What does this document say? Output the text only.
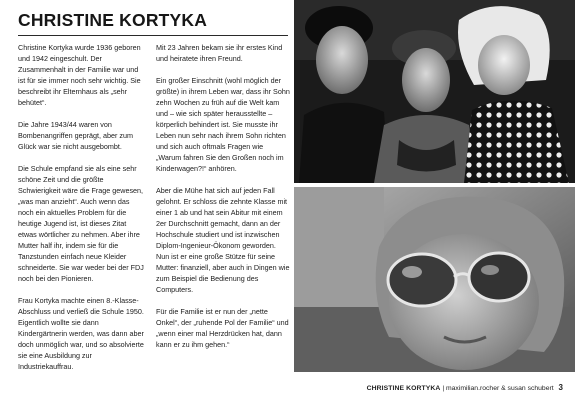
CHRISTINE KORTYKA

Christine Kortyka wurde 1936 geboren und 1942 eingeschult. Der Zusammenhalt in der Familie war und ist für sie immer noch sehr wichtig. Sie beschreibt ihr Elternhaus als „sehr behütet“.

Die Jahre 1943/44 waren von Bombenangriffen geprägt, aber zum Glück war sie nicht ausgebombt.

Die Schule empfand sie als eine sehr schöne Zeit und die größte Schwierigkeit wäre die Frage gewesen, „was man anzieht“. Auch wenn das noch ein aktuelles Problem für die heutige Jugend ist, ist dieses Zitat etwas wörtlicher zu nehmen. Aber ihre Mutter half ihr, indem sie für die Tanzstunden einfach neue Kleider schneiderte. Sie war weder bei der FDJ noch bei den Pionieren.

Frau Kortyka machte einen 8.-Klasse-Abschluss und verließ die Schule 1950. Eigentlich wollte sie dann Kindergärtnerin werden, was dann aber doch unmöglich war, und so absolvierte sie eine Ausbildung zur Industriekauffrau.

Mit 23 Jahren bekam sie ihr erstes Kind und heiratete ihren Freund.

Ein großer Einschnitt (wohl möglich der größte) in ihrem Leben war, dass ihr Sohn zehn Wochen zu früh auf die Welt kam und – wie sich später herausstellte – körperlich behindert ist. Sie musste ihr Leben nun sehr nach ihrem Sohn richten und sich auch oftmals Fragen wie „Warum fahren Sie den Großen noch im Kinderwagen?!“ anhören.

Aber die Mühe hat sich auf jeden Fall gelohnt. Er schloss die zehnte Klasse mit einer 1 ab und hat sein Abitur mit einem 2er Durchschnitt gemacht, dann an der Hochschule studiert und ist inzwischen Diplom-Ingenieur-Ökonom geworden. Nun ist er eine große Stütze für seine Mutter: finanziell, aber auch in Dingen wie zum Beispiel die Bedienung des Computers.

Für die Familie ist er nun der „nette Onkel“, der „ruhende Pol der Familie“ und „wenn einer mal Herzdrücken hat, dann kann er zu ihm gehen.“

CHRISTINE KORTYKA | maximilian.rocher & susan schubert 3
